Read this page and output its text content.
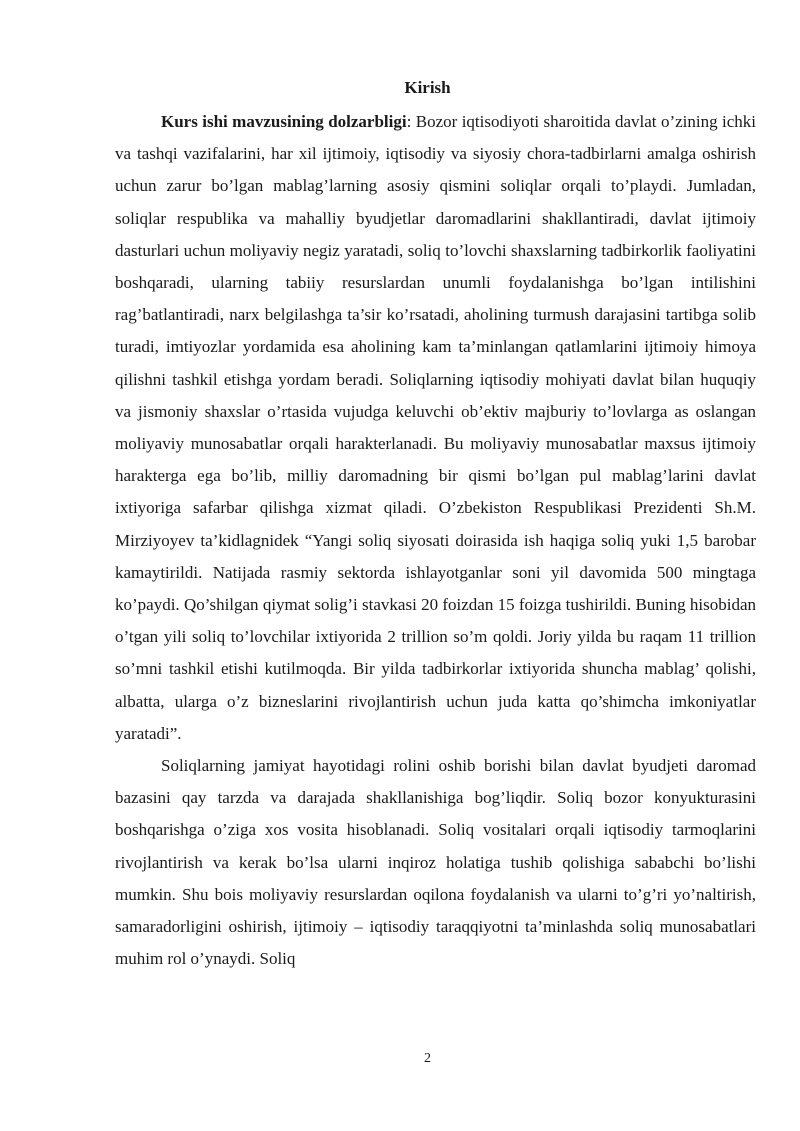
Kirish

Kurs ishi mavzusining dolzarbligi: Bozor iqtisodiyoti sharoitida davlat o’zining ichki va tashqi vazifalarini, har xil ijtimoiy, iqtisodiy va siyosiy chora-tadbirlarni amalga oshirish uchun zarur bo’lgan mablag’larning asosiy qismini soliqlar orqali to’playdi. Jumladan, soliqlar respublika va mahalliy byudjetlar daromadlarini shakllantiradi, davlat ijtimoiy dasturlari uchun moliyaviy negiz yaratadi, soliq to’lovchi shaxslarning tadbirkorlik faoliyatini boshqaradi, ularning tabiiy resurslardan unumli foydalanishga bo’lgan intilishini rag’batlantiradi, narx belgilashga ta’sir ko’rsatadi, aholining turmush darajasini tartibga solib turadi, imtiyozlar yordamida esa aholining kam ta’minlangan qatlamlarini ijtimoiy himoya qilishni tashkil etishga yordam beradi. Soliqlarning iqtisodiy mohiyati davlat bilan huquqiy va jismoniy shaxslar o’rtasida vujudga keluvchi ob’ektiv majburiy to’lovlarga as oslangan moliyaviy munosabatlar orqali harakterlanadi. Bu moliyaviy munosabatlar maxsus ijtimoiy harakterga ega bo’lib, milliy daromadning bir qismi bo’lgan pul mablag’larini davlat ixtiyoriga safarbar qilishga xizmat qiladi. O’zbekiston Respublikasi Prezidenti Sh.M. Mirziyoyev ta’kidlagnidek “Yangi soliq siyosati doirasida ish haqiga soliq yuki 1,5 barobar kamaytirildi. Natijada rasmiy sektorda ishlayotganlar soni yil davomida 500 mingtaga ko’paydi. Qo’shilgan qiymat solig’i stavkasi 20 foizdan 15 foizga tushirildi. Buning hisobidan o’tgan yili soliq to’lovchilar ixtiyorida 2 trillion so’m qoldi. Joriy yilda bu raqam 11 trillion so’mni tashkil etishi kutilmoqda. Bir yilda tadbirkorlar ixtiyorida shuncha mablag’ qolishi, albatta, ularga o’z bizneslarini rivojlantirish uchun juda katta qo’shimcha imkoniyatlar yaratadi”.

Soliqlarning jamiyat hayotidagi rolini oshib borishi bilan davlat byudjeti daromad bazasini qay tarzda va darajada shakllanishiga bog’liqdir. Soliq bozor konyukturasini boshqarishga o’ziga xos vosita hisoblanadi. Soliq vositalari orqali iqtisodiy tarmoqlarini rivojlantirish va kerak bo’lsa ularni inqiroz holatiga tushib qolishiga sababchi bo’lishi mumkin. Shu bois moliyaviy resurslardan oqilona foydalanish va ularni to’g’ri yo’naltirish, samaradorligini oshirish, ijtimoiy – iqtisodiy taraqqiyotni ta’minlashda soliq munosabatlari muhim rol o’ynaydi. Soliq

2
